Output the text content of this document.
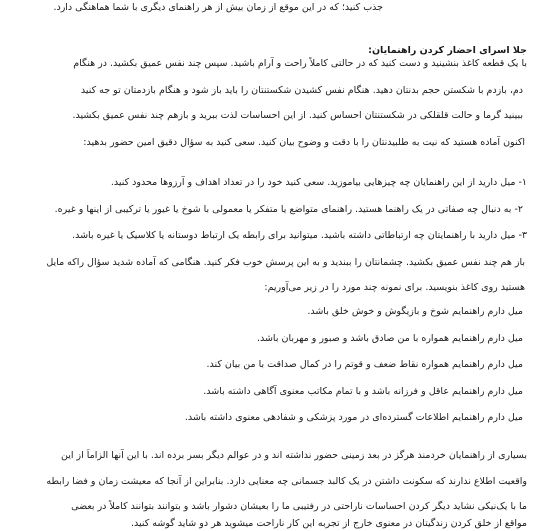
جذب کنید؛ که در این موقع از زمان بیش از هر راهنمای دیگری با شما هماهنگی دارد.
جلا اسرای احضار کردن راهنمایان:
با یک قطعه کاغذ بنشینید و دست کنید که در حالتی کاملاً راحت و آرام باشید. سپس چند نفس عمیق بکشید. در هنگام
دم، بازدم با شکستن حجم بدنتان دهید. هنگام نفس کشیدن شکستنتان را باید باز شود و هنگام بازدمتان تو جه کنید
ببینید گرما و حالت قلقلکی در شکستنتان احساس کنید. از این احساسات لذت ببرید و بازهم چند نفس عمیق بکشید.
اکنون آماده هستید که نیت به طلبیدنتان را با دقت و وضوح بیان کنید. سعی کنید به سؤال دقیق امین حضور بدهید:
۱- میل دارید از این راهنمایان چه چیزهایی بیاموزید. سعی کنید خود را در تعداد اهداف و آرزوها محدود کنید.
۲- به دنبال چه صفاتی در یک راهنما هستید. راهنمای متواضع یا متفکر یا معمولی با شوخ یا غیور یا ترکیبی از اینها و غیره.
۳- میل دارید با راهنمایتان چه ارتباطاتی داشته باشید. میتوانید برای رابطه یک ارتباط دوستانه یا کلاسیک یا غیره باشد.
باز هم چند نفس عمیق بکشید. چشمانتان را ببندید و به این پرسش خوب فکر کنید. هنگامی که آماده شدید سؤال راکه مایل
هستید روی کاغذ بنویسید. برای نمونه چند مورد را در زیر می‌آوریم:
میل دارم راهنمایم شوخ و بازیگوش و خوش خلق باشد.
میل دارم راهنمایم همواره با من صادق باشد و صبور و مهربان باشد.
میل دارم راهنمایم همواره نقاط ضعف و قوتم را در کمال صداقت با من بیان کند.
میل دارم راهنمایم عاقل و فرزانه باشد و با تمام مکاتب معنوی آگاهی داشته باشد.
میل دارم راهنمایم اطلاعات گسترده‌ای در مورد پزشکی و شفادهی معنوی داشته باشد.
بسیاری از راهنمایان خردمند هرگز در بعد زمینی حضور نداشته اند و در عوالم دیگر بسر برده اند. با این آنها الزاماً از این
واقعیت اطلاع ندارند که سکونت داشتن در یک کالبد جسمانی چه معنایی دارد. بنابراین از آنجا که معیشت زمان و فضا رابطه
ما با یک‌نیکی نشاید دیگر کردن احساسات ناراحتی در رفتیبی ما را بعیشان دشوار باشد و بتوانند بتوانند کاملاً در بعضی
مواقع از خلق کردن زندگیتان در معنوی خارج از تجربه این کار ناراحت میشوید هر دو شاید گوشه کنید.
